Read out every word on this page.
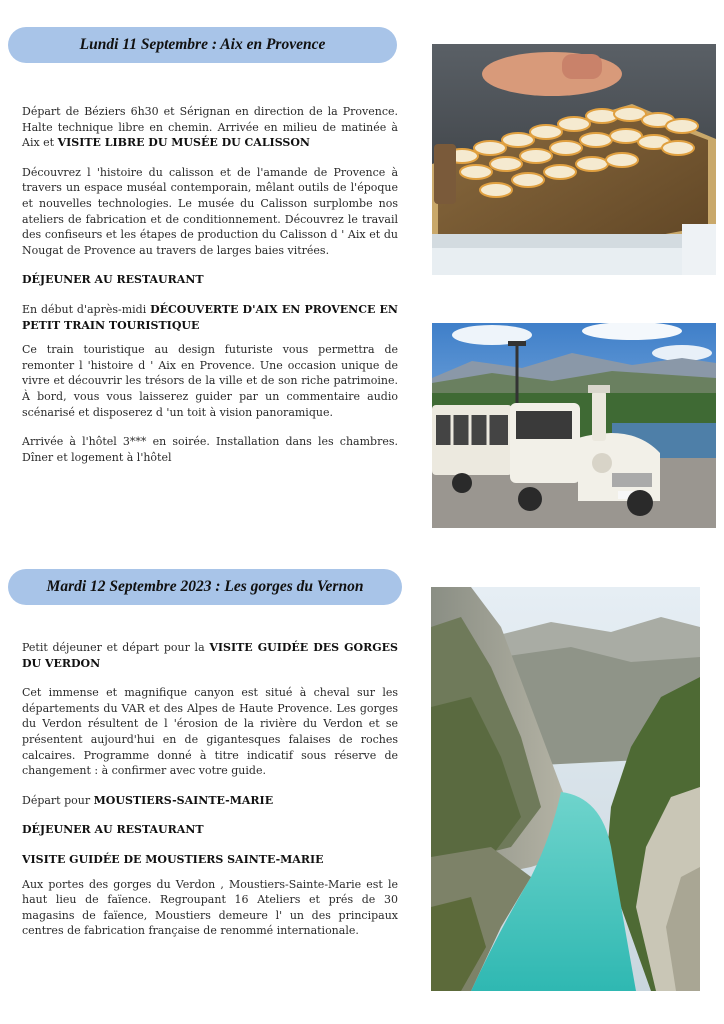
Lundi 11 Septembre : Aix en Provence

Départ de Béziers 6h30 et Sérignan en direction de la Provence. Halte technique libre en chemin. Arrivée en milieu de matinée à Aix et VISITE LIBRE DU MUSÉE DU CALISSON

Découvrez l 'histoire du calisson et de l'amande de Provence à travers un espace muséal contemporain, mêlant outils de l'époque et nouvelles technologies. Le musée du Calisson surplombe nos ateliers de fabrication et de conditionnement. Découvrez le travail des confiseurs et les étapes de production du Calisson d ' Aix et du Nougat de Provence au travers de larges baies vitrées.

DÉJEUNER AU RESTAURANT

En début d'après-midi DÉCOUVERTE D'AIX EN PROVENCE EN PETIT TRAIN TOURISTIQUE

Ce train touristique au design futuriste vous permettra de remonter l 'histoire d ' Aix en Provence. Une occasion unique de vivre et découvrir les trésors de la ville et de son riche patrimoine. À bord, vous vous laisserez guider par un commentaire audio scénarisé et disposerez d 'un toit à vision panoramique.

Arrivée à l'hôtel 3*** en soirée. Installation dans les chambres. Dîner et logement à l'hôtel

Mardi 12 Septembre 2023 : Les gorges du Vernon

Petit déjeuner et départ pour la VISITE GUIDÉE DES GORGES DU VERDON

Cet immense et magnifique canyon est situé à cheval sur les départements du VAR et des Alpes de Haute Provence. Les gorges du Verdon résultent de l 'érosion de la rivière du Verdon et se présentent aujourd'hui en de gigantesques falaises de roches calcaires. Programme donné à titre indicatif sous réserve de changement : à confirmer avec votre guide.

Départ pour MOUSTIERS-SAINTE-MARIE

DÉJEUNER AU RESTAURANT

VISITE GUIDÉE DE MOUSTIERS SAINTE-MARIE

Aux portes des gorges du Verdon , Moustiers-Sainte-Marie est le haut lieu de faïence. Regroupant 16 Ateliers et prés de 30 magasins de faïence, Moustiers demeure l' un des principaux centres de fabrication française de renommé internationale.
